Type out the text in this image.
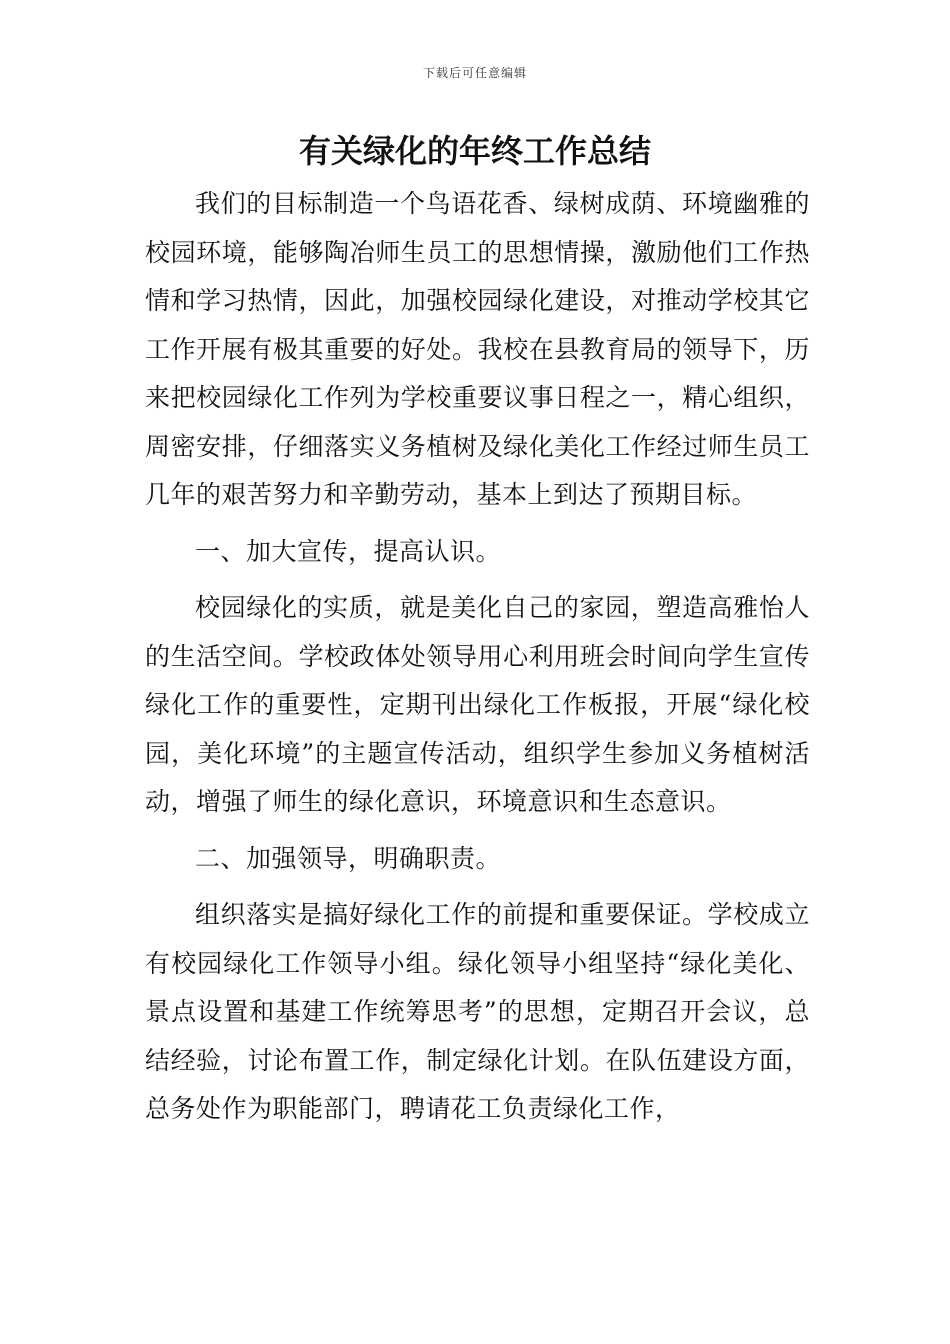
下载后可任意编辑
有关绿化的年终工作总结

我们的目标制造一个鸟语花香、绿树成荫、环境幽雅的校园环境，能够陶冶师生员工的思想情操，激励他们工作热情和学习热情，因此，加强校园绿化建设，对推动学校其它工作开展有极其重要的好处。我校在县教育局的领导下，历来把校园绿化工作列为学校重要议事日程之一，精心组织，周密安排，仔细落实义务植树及绿化美化工作经过师生员工几年的艰苦努力和辛勤劳动，基本上到达了预期目标。

一、加大宣传，提高认识。

校园绿化的实质，就是美化自己的家园，塑造高雅怡人的生活空间。学校政体处领导用心利用班会时间向学生宣传绿化工作的重要性，定期刊出绿化工作板报，开展“绿化校园，美化环境”的主题宣传活动，组织学生参加义务植树活动，增强了师生的绿化意识，环境意识和生态意识。

二、加强领导，明确职责。

组织落实是搞好绿化工作的前提和重要保证。学校成立有校园绿化工作领导小组。绿化领导小组坚持“绿化美化、景点设置和基建工作统筹思考”的思想，定期召开会议，总结经验，讨论布置工作，制定绿化计划。在队伍建设方面，总务处作为职能部门，聘请花工负责绿化工作，
